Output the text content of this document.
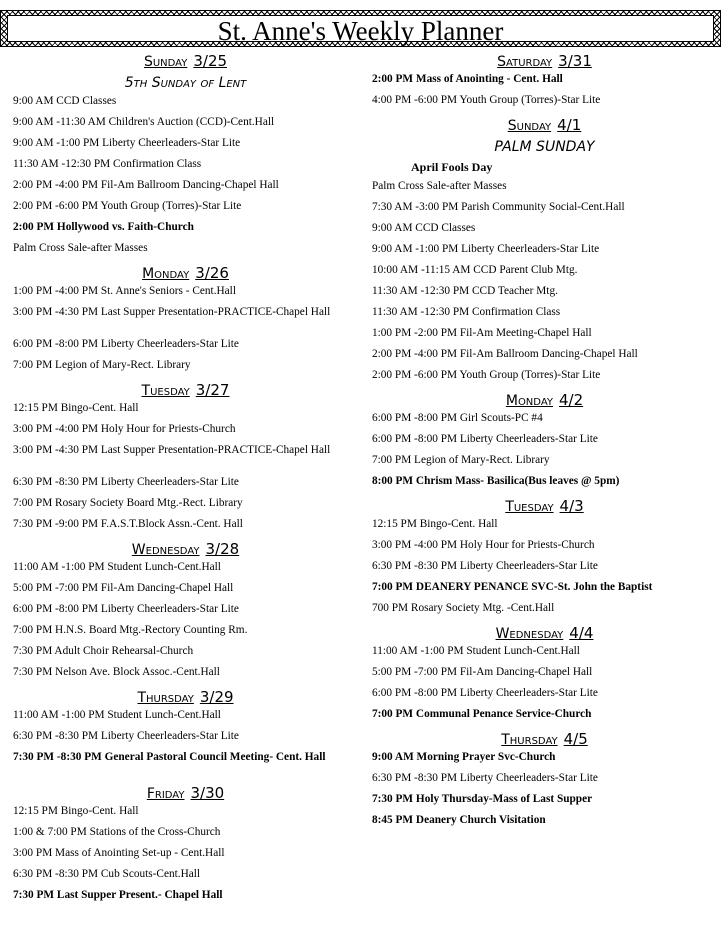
St. Anne's Weekly Planner
Sunday 3/25
5th Sunday of Lent
9:00 AM CCD Classes
9:00 AM -11:30 AM Children's Auction (CCD)-Cent.Hall
9:00 AM -1:00 PM Liberty Cheerleaders-Star Lite
11:30 AM -12:30 PM Confirmation Class
2:00 PM -4:00 PM Fil-Am Ballroom Dancing-Chapel Hall
2:00 PM -6:00 PM Youth Group (Torres)-Star Lite
2:00 PM Hollywood vs. Faith-Church
Palm Cross Sale-after Masses
Monday 3/26
1:00 PM -4:00 PM St. Anne's Seniors - Cent.Hall
3:00 PM -4:30 PM Last Supper Presentation-PRACTICE-Chapel Hall
6:00 PM -8:00 PM Liberty Cheerleaders-Star Lite
7:00 PM Legion of Mary-Rect. Library
Tuesday 3/27
12:15 PM Bingo-Cent. Hall
3:00 PM -4:00 PM Holy Hour for Priests-Church
3:00 PM -4:30 PM Last Supper Presentation-PRACTICE-Chapel Hall
6:30 PM -8:30 PM Liberty Cheerleaders-Star Lite
7:00 PM Rosary Society Board Mtg.-Rect. Library
7:30 PM -9:00 PM F.A.S.T.Block Assn.-Cent. Hall
Wednesday 3/28
11:00 AM -1:00 PM Student Lunch-Cent.Hall
5:00 PM -7:00 PM Fil-Am Dancing-Chapel Hall
6:00 PM -8:00 PM Liberty Cheerleaders-Star Lite
7:00 PM H.N.S. Board Mtg.-Rectory Counting Rm.
7:30 PM Adult Choir Rehearsal-Church
7:30 PM Nelson Ave. Block Assoc.-Cent.Hall
Thursday 3/29
11:00 AM -1:00 PM Student Lunch-Cent.Hall
6:30 PM -8:30 PM Liberty Cheerleaders-Star Lite
7:30 PM -8:30 PM General Pastoral Council Meeting- Cent. Hall
Friday 3/30
12:15 PM Bingo-Cent. Hall
1:00 & 7:00 PM Stations of the Cross-Church
3:00 PM Mass of Anointing Set-up - Cent.Hall
6:30 PM -8:30 PM Cub Scouts-Cent.Hall
7:30 PM Last Supper Present.- Chapel Hall
Saturday 3/31
2:00 PM Mass of Anointing - Cent. Hall
4:00 PM -6:00 PM Youth Group (Torres)-Star Lite
Sunday 4/1
PALM SUNDAY
April Fools Day
Palm Cross Sale-after Masses
7:30 AM -3:00 PM Parish Community Social-Cent.Hall
9:00 AM CCD Classes
9:00 AM -1:00 PM Liberty Cheerleaders-Star Lite
10:00 AM -11:15 AM CCD Parent Club Mtg.
11:30 AM -12:30 PM CCD Teacher Mtg.
11:30 AM -12:30 PM Confirmation Class
1:00 PM -2:00 PM Fil-Am Meeting-Chapel Hall
2:00 PM -4:00 PM Fil-Am Ballroom Dancing-Chapel Hall
2:00 PM -6:00 PM Youth Group (Torres)-Star Lite
Monday 4/2
6:00 PM -8:00 PM Girl Scouts-PC #4
6:00 PM -8:00 PM Liberty Cheerleaders-Star Lite
7:00 PM Legion of Mary-Rect. Library
8:00 PM Chrism Mass- Basilica(Bus leaves @ 5pm)
Tuesday 4/3
12:15 PM Bingo-Cent. Hall
3:00 PM -4:00 PM Holy Hour for Priests-Church
6:30 PM -8:30 PM Liberty Cheerleaders-Star Lite
7:00 PM DEANERY PENANCE SVC-St. John the Baptist
700 PM Rosary Society Mtg. -Cent.Hall
Wednesday 4/4
11:00 AM -1:00 PM Student Lunch-Cent.Hall
5:00 PM -7:00 PM Fil-Am Dancing-Chapel Hall
6:00 PM -8:00 PM Liberty Cheerleaders-Star Lite
7:00 PM Communal Penance Service-Church
Thursday 4/5
9:00 AM Morning Prayer Svc-Church
6:30 PM -8:30 PM Liberty Cheerleaders-Star Lite
7:30 PM Holy Thursday-Mass of Last Supper
8:45 PM Deanery Church Visitation
